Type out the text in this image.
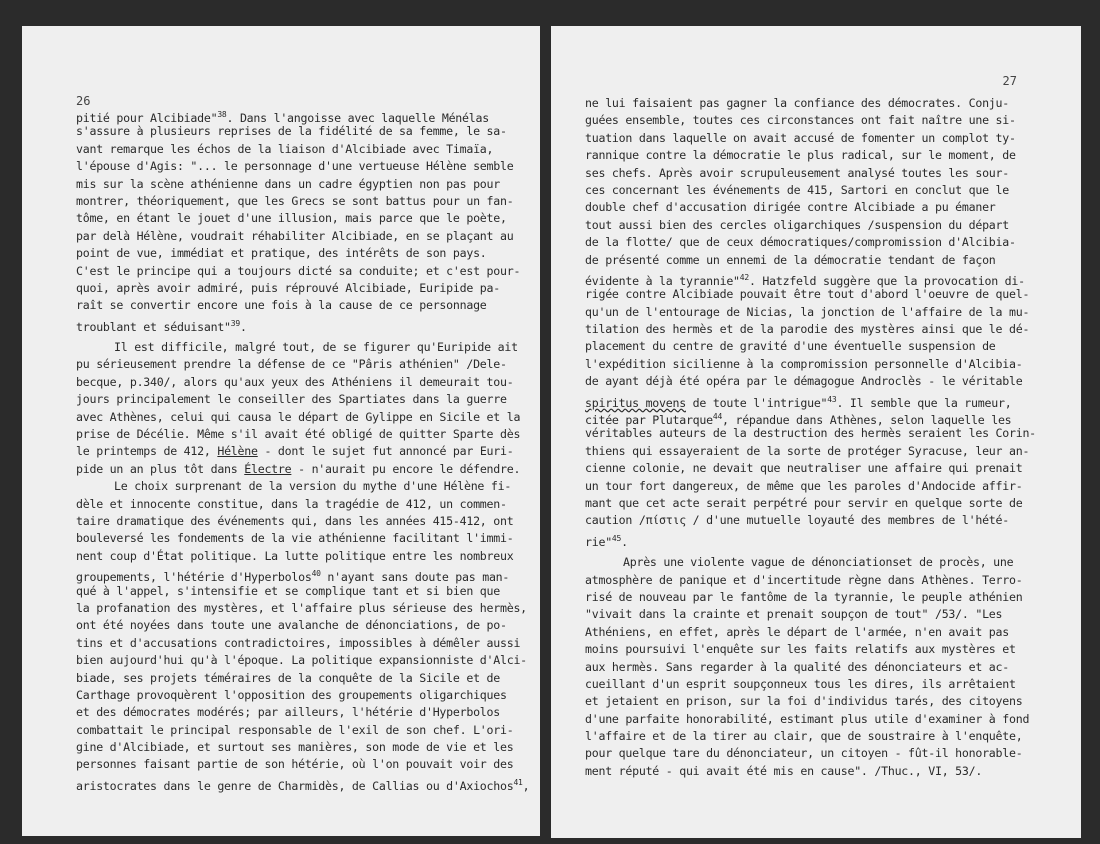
26
pitié pour Alcibiade"$^{38}$. Dans l'angoisse avec laquelle Ménélas
s'assure à plusieurs reprises de la fidélité de sa femme, le sa-
vant remarque les échos de la liaison d'Alcibiade avec Timaïa,
l'épouse d'Agis: "... le personnage d'une vertueuse Hélène semble
mis sur la scène athénienne dans un cadre égyptien non pas pour
montrer, théoriquement, que les Grecs se sont battus pour un fan-
tôme, en étant le jouet d'une illusion, mais parce que le poète,
par delà Hélène, voudrait réhabiliter Alcibiade, en se plaçant au
point de vue, immédiat et pratique, des intérêts de son pays.
C'est le principe qui a toujours dicté sa conduite; et c'est pour-
quoi, après avoir admiré, puis réprouvé Alcibiade, Euripide pa-
raît se convertir encore une fois à la cause de ce personnage
troublant et séduisant"$^{39}$.
Il est difficile, malgré tout, de se figurer qu'Euripide ait
pu sérieusement prendre la défense de ce "Pâris athénien" /Dele-
becque, p.340/, alors qu'aux yeux des Athéniens il demeurait tou-
jours principalement le conseiller des Spartiates dans la guerre
avec Athènes, celui qui causa le départ de Gylippe en Sicile et la
prise de Décélie. Même s'il avait été obligé de quitter Sparte dès
le printemps de 412, Hélène - dont le sujet fut annoncé par Euri-
pide un an plus tôt dans Électre - n'aurait pu encore le défendre.
Le choix surprenant de la version du mythe d'une Hélène fi-
dèle et innocente constitue, dans la tragédie de 412, un commen-
taire dramatique des événements qui, dans les années 415-412, ont
bouleversé les fondements de la vie athénienne facilitant l'immi-
nent coup d'État politique. La lutte politique entre les nombreux
groupements, l'hétérie d'Hyperbolos$^{40}$ n'ayant sans doute pas man-
qué à l'appel, s'intensifie et se complique tant et si bien que
la profanation des mystères, et l'affaire plus sérieuse des hermès,
ont été noyées dans toute une avalanche de dénonciations, de po-
tins et d'accusations contradictoires, impossibles à démêler aussi
bien aujourd'hui qu'à l'époque. La politique expansionniste d'Alci-
biade, ses projets téméraires de la conquête de la Sicile et de
Carthage provoquèrent l'opposition des groupements oligarchiques
et des démocrates modérés; par ailleurs, l'hétérie d'Hyperbolos
combattait le principal responsable de l'exil de son chef. L'ori-
gine d'Alcibiade, et surtout ses manières, son mode de vie et les
personnes faisant partie de son hétérie, où l'on pouvait voir des
aristocrates dans le genre de Charmidès, de Callias ou d'Axiochos$^{41}$,
27
ne lui faisaient pas gagner la confiance des démocrates. Conju-
guées ensemble, toutes ces circonstances ont fait naître une si-
tuation dans laquelle on avait accusé de fomenter un complot ty-
rannique contre la démocratie le plus radical, sur le moment, de
ses chefs. Après avoir scrupuleusement analysé toutes les sour-
ces concernant les événements de 415, Sartori en conclut que le
double chef d'accusation dirigée contre Alcibiade a pu émaner
tout aussi bien des cercles oligarchiques /suspension du départ
de la flotte/ que de ceux démocratiques/compromission d'Alcibia-
de présenté comme un ennemi de la démocratie tendant de façon
évidente à la tyrannie"$^{42}$. Hatzfeld suggère que la provocation di-
rigée contre Alcibiade pouvait être tout d'abord l'oeuvre de quel-
qu'un de l'entourage de Nicias, la jonction de l'affaire de la mu-
tilation des hermès et de la parodie des mystères ainsi que le dé-
placement du centre de gravité d'une éventuelle suspension de
l'expédition sicilienne à la compromission personnelle d'Alcibia-
de ayant déjà été opéra par le démagogue Androclès - le véritable
spiritus movens de toute l'intrigue"$^{43}$. Il semble que la rumeur,
citée par Plutarque$^{44}$, répandue dans Athènes, selon laquelle les
véritables auteurs de la destruction des hermès seraient les Corin-
thiens qui essayeraient de la sorte de protéger Syracuse, leur an-
cienne colonie, ne devait que neutraliser une affaire qui prenait
un tour fort dangereux, de même que les paroles d'Andocide affir-
mant que cet acte serait perpétré pour servir en quelque sorte de
caution /πίστις / d'une mutuelle loyauté des membres de l'hété-
rie"$^{45}$.
Après une violente vague de dénonciationset de procès, une
atmosphère de panique et d'incertitude règne dans Athènes. Terro-
risé de nouveau par le fantôme de la tyrannie, le peuple athénien
"vivait dans la crainte et prenait soupçon de tout" /53/. "Les
Athéniens, en effet, après le départ de l'armée, n'en avait pas
moins poursuivi l'enquête sur les faits relatifs aux mystères et
aux hermès. Sans regarder à la qualité des dénonciateurs et ac-
cueillant d'un esprit soupçonneux tous les dires, ils arrêtaient
et jetaient en prison, sur la foi d'individus tarés, des citoyens
d'une parfaite honorabilité, estimant plus utile d'examiner à fond
l'affaire et de la tirer au clair, que de soustraire à l'enquête,
pour quelque tare du dénonciateur, un citoyen - fût-il honorable-
ment réputé - qui avait été mis en cause". /Thuc., VI, 53/.
